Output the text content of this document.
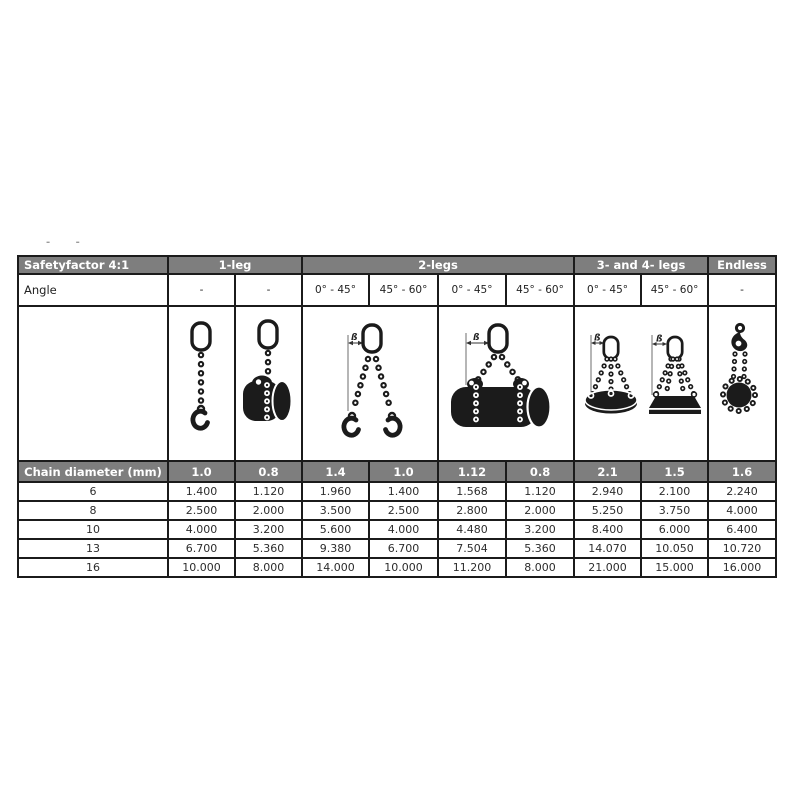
- -
Safetyfactor 4:1	1-leg		2-legs				3- and 4- legs		Endless
Angle	-	-	0° - 45°	45° - 60°	0° - 45°	45° - 60°	0° - 45°	45° - 60°	-

ß		ß		ß ß

Chain diameter (mm)	1.0	0.8	1.4	1.0	1.12	0.8	2.1	1.5	1.6
6	1.400	1.120	1.960	1.400	1.568	1.120	2.940	2.100	2.240
8	2.500	2.000	3.500	2.500	2.800	2.000	5.250	3.750	4.000
10	4.000	3.200	5.600	4.000	4.480	3.200	8.400	6.000	6.400
13	6.700	5.360	9.380	6.700	7.504	5.360	14.070	10.050	10.720
16	10.000	8.000	14.000	10.000	11.200	8.000	21.000	15.000	16.000
